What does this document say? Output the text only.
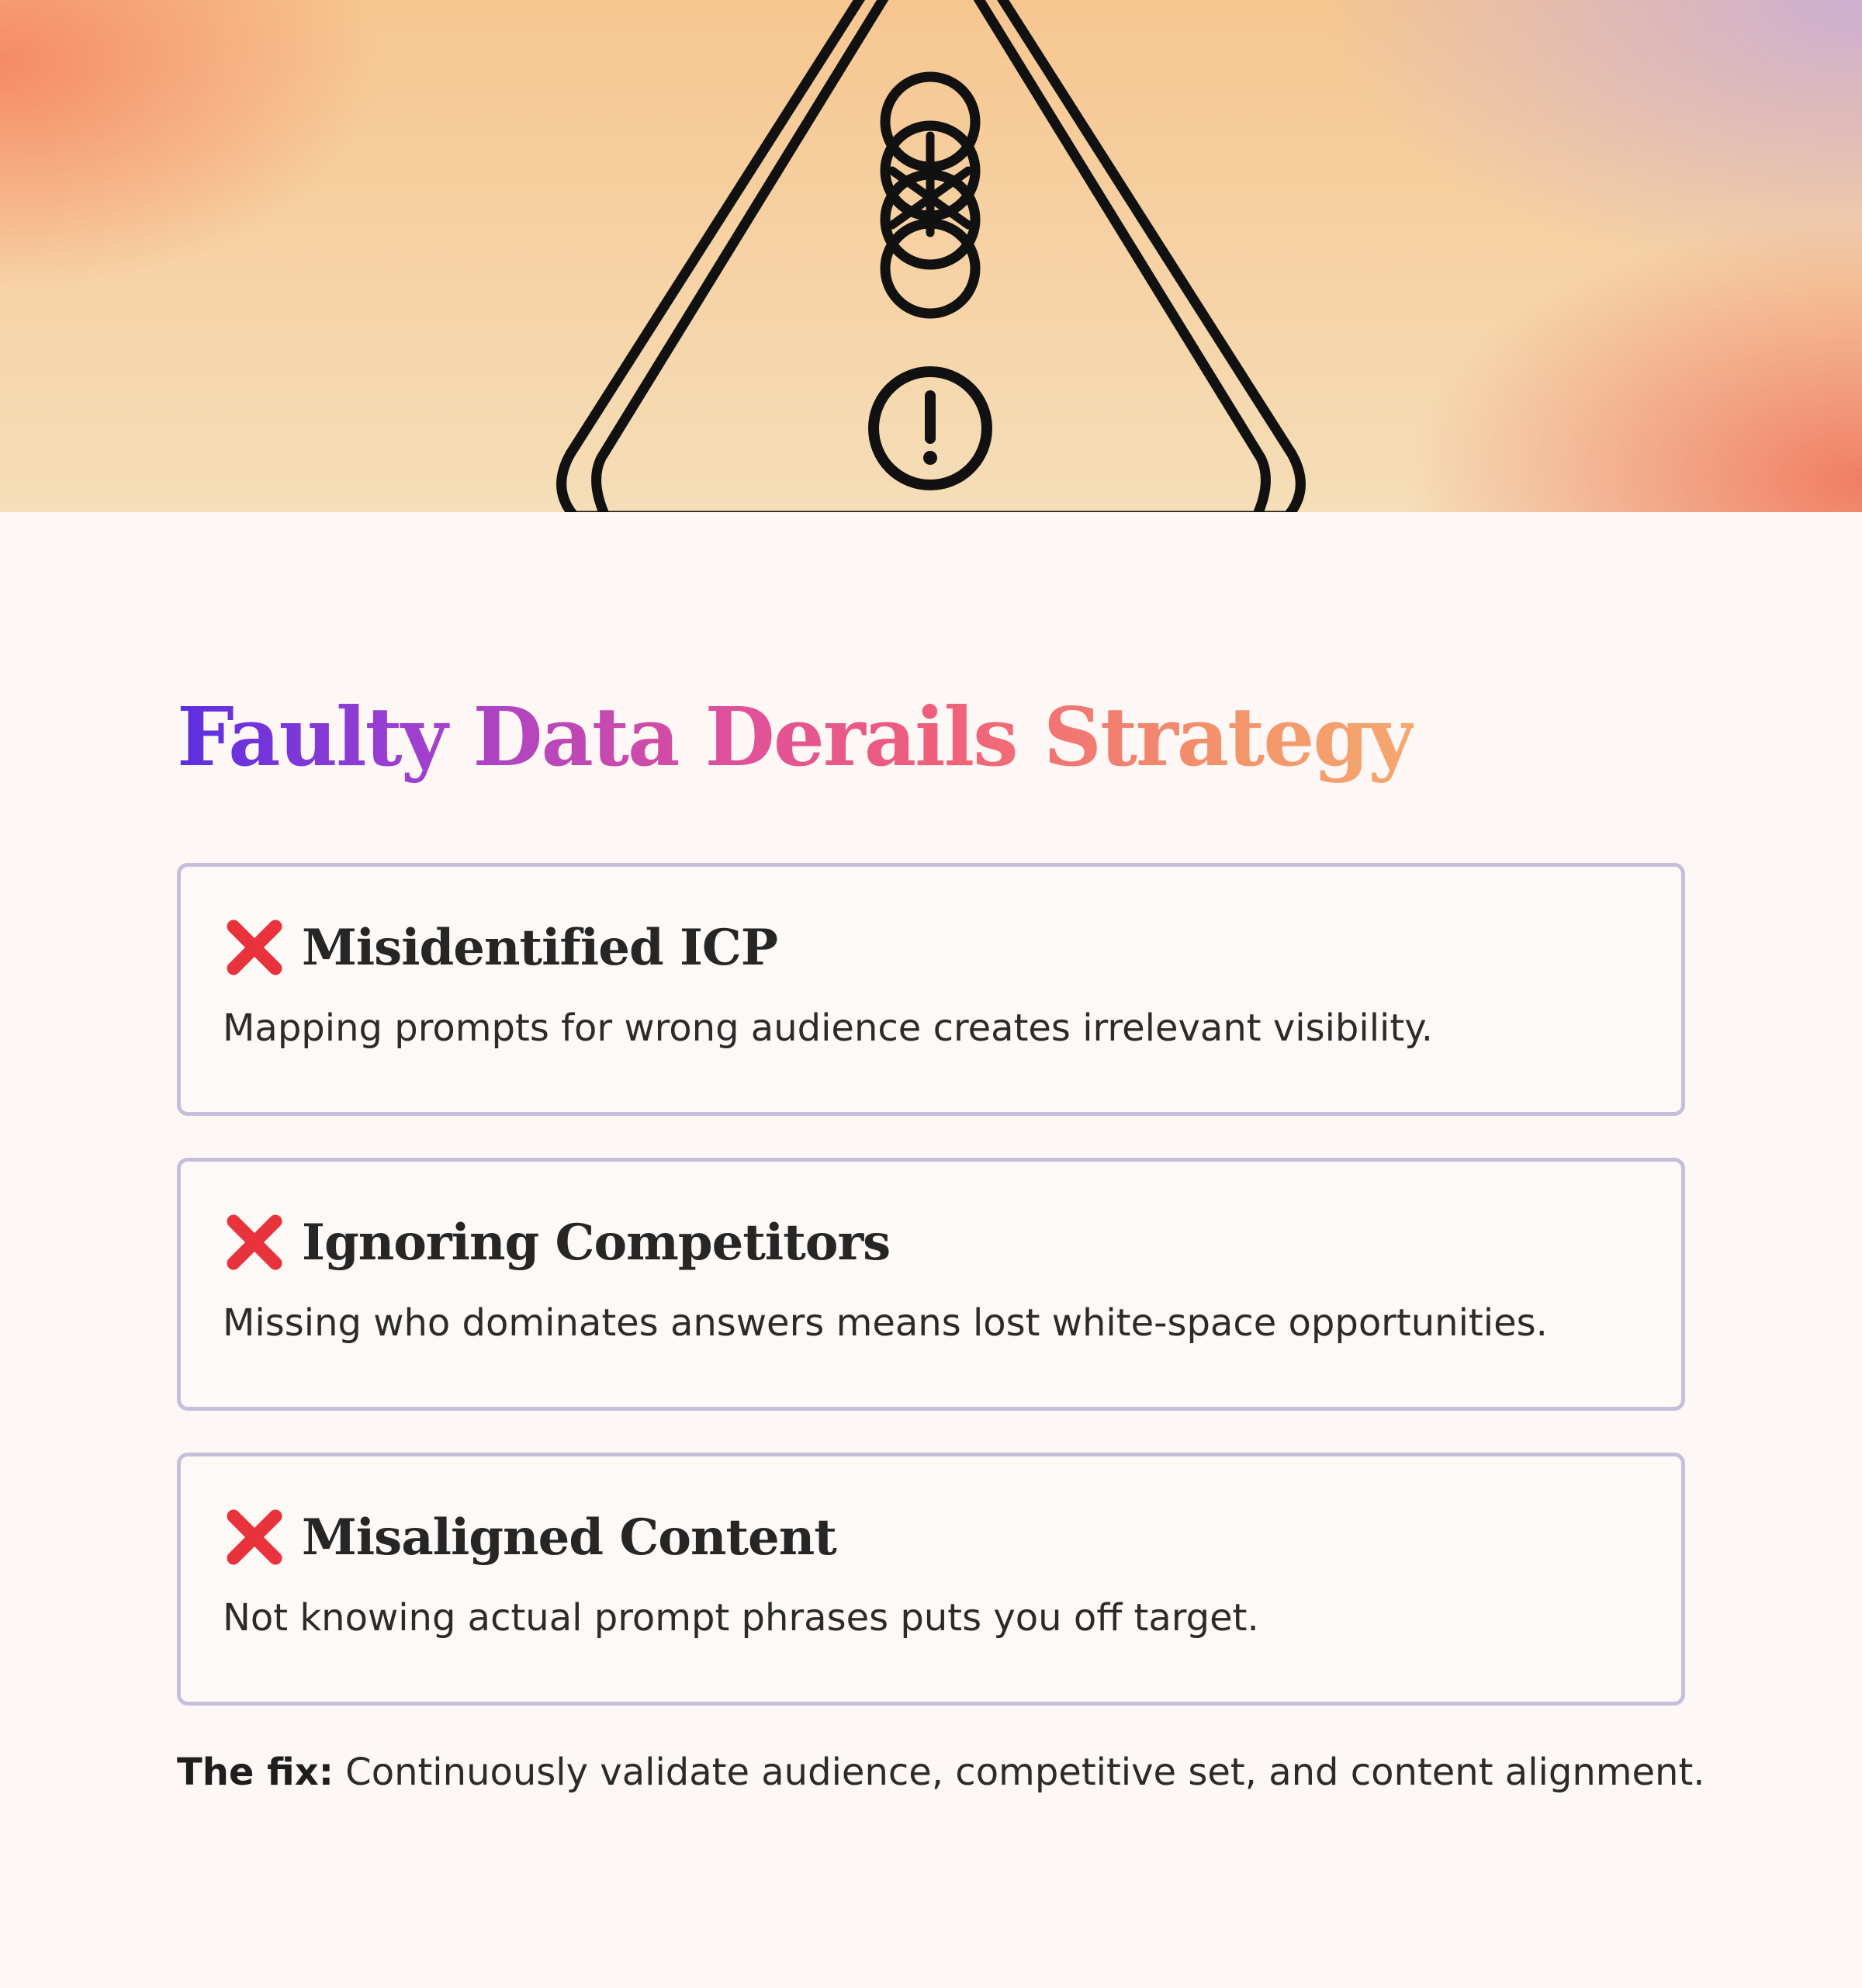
Faulty Data Derails Strategy
Misidentified ICP
Mapping prompts for wrong audience creates irrelevant visibility.
Ignoring Competitors
Missing who dominates answers means lost white-space opportunities.
Misaligned Content
Not knowing actual prompt phrases puts you off target.
The fix: Continuously validate audience, competitive set, and content alignment.
